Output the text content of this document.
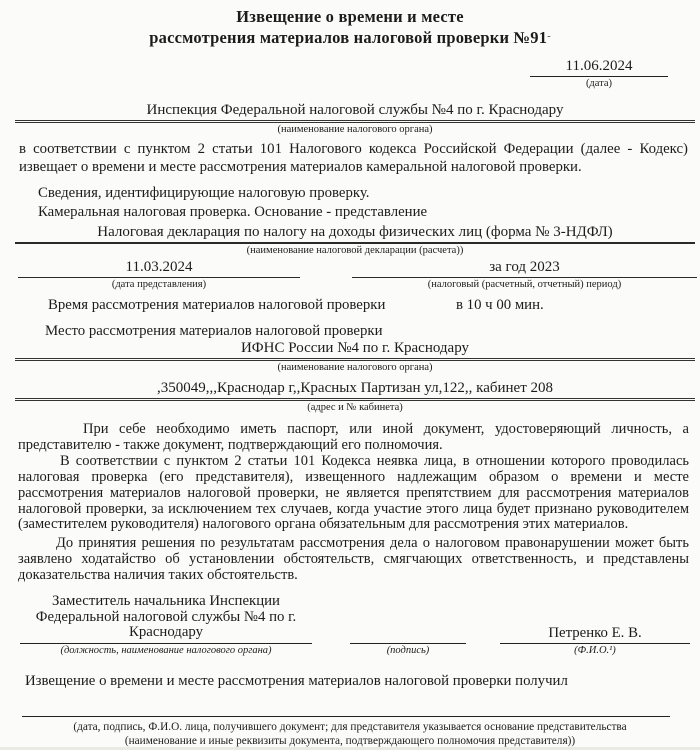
Извещение о времени и месте
рассмотрения материалов налоговой проверки №91-
11.06.2024
(дата)
Инспекция Федеральной налоговой службы №4 по г. Краснодару
(наименование налогового органа)
в соответствии с пунктом 2 статьи 101 Налогового кодекса Российской Федерации (далее - Кодекс) извещает о времени и месте рассмотрения материалов камеральной налоговой проверки.
Сведения, идентифицирующие налоговую проверку.
Камеральная налоговая проверка. Основание - представление
Налоговая декларация по налогу на доходы физических лиц (форма № 3-НДФЛ)
(наименование налоговой декларации (расчета))
11.03.2024
(дата представления)
за год 2023
(налоговый (расчетный, отчетный) период)
Время рассмотрения материалов налоговой проверки	в 10 ч 00 мин.
Место рассмотрения материалов налоговой проверки
ИФНС России №4 по г. Краснодару
(наименование налогового органа)
,350049,,,Краснодар г,,Красных Партизан ул,122,, кабинет 208
(адрес и № кабинета)

При себе необходимо иметь паспорт, или иной документ, удостоверяющий личность, а представителю - также документ, подтверждающий его полномочия.

В соответствии с пунктом 2 статьи 101 Кодекса неявка лица, в отношении которого проводилась налоговая проверка (его представителя), извещенного надлежащим образом о времени и месте рассмотрения материалов налоговой проверки, не является препятствием для рассмотрения материалов налоговой проверки, за исключением тех случаев, когда участие этого лица будет признано руководителем (заместителем руководителя) налогового органа обязательным для рассмотрения этих материалов.

До принятия решения по результатам рассмотрения дела о налоговом правонарушении может быть заявлено ходатайство об установлении обстоятельств, смягчающих ответственность, и представлены доказательства наличия таких обстоятельств.

Заместитель начальника Инспекции
Федеральной налоговой службы №4 по г.
Краснодару
(должность, наименование налогового органа)	(подпись)
Петренко Е. В.
(Ф.И.О.¹)
Извещение о времени и месте рассмотрения материалов налоговой проверки получил
(дата, подпись, Ф.И.О. лица, получившего документ; для представителя указывается основание представительства
(наименование и иные реквизиты документа, подтверждающего полномочия представителя))
